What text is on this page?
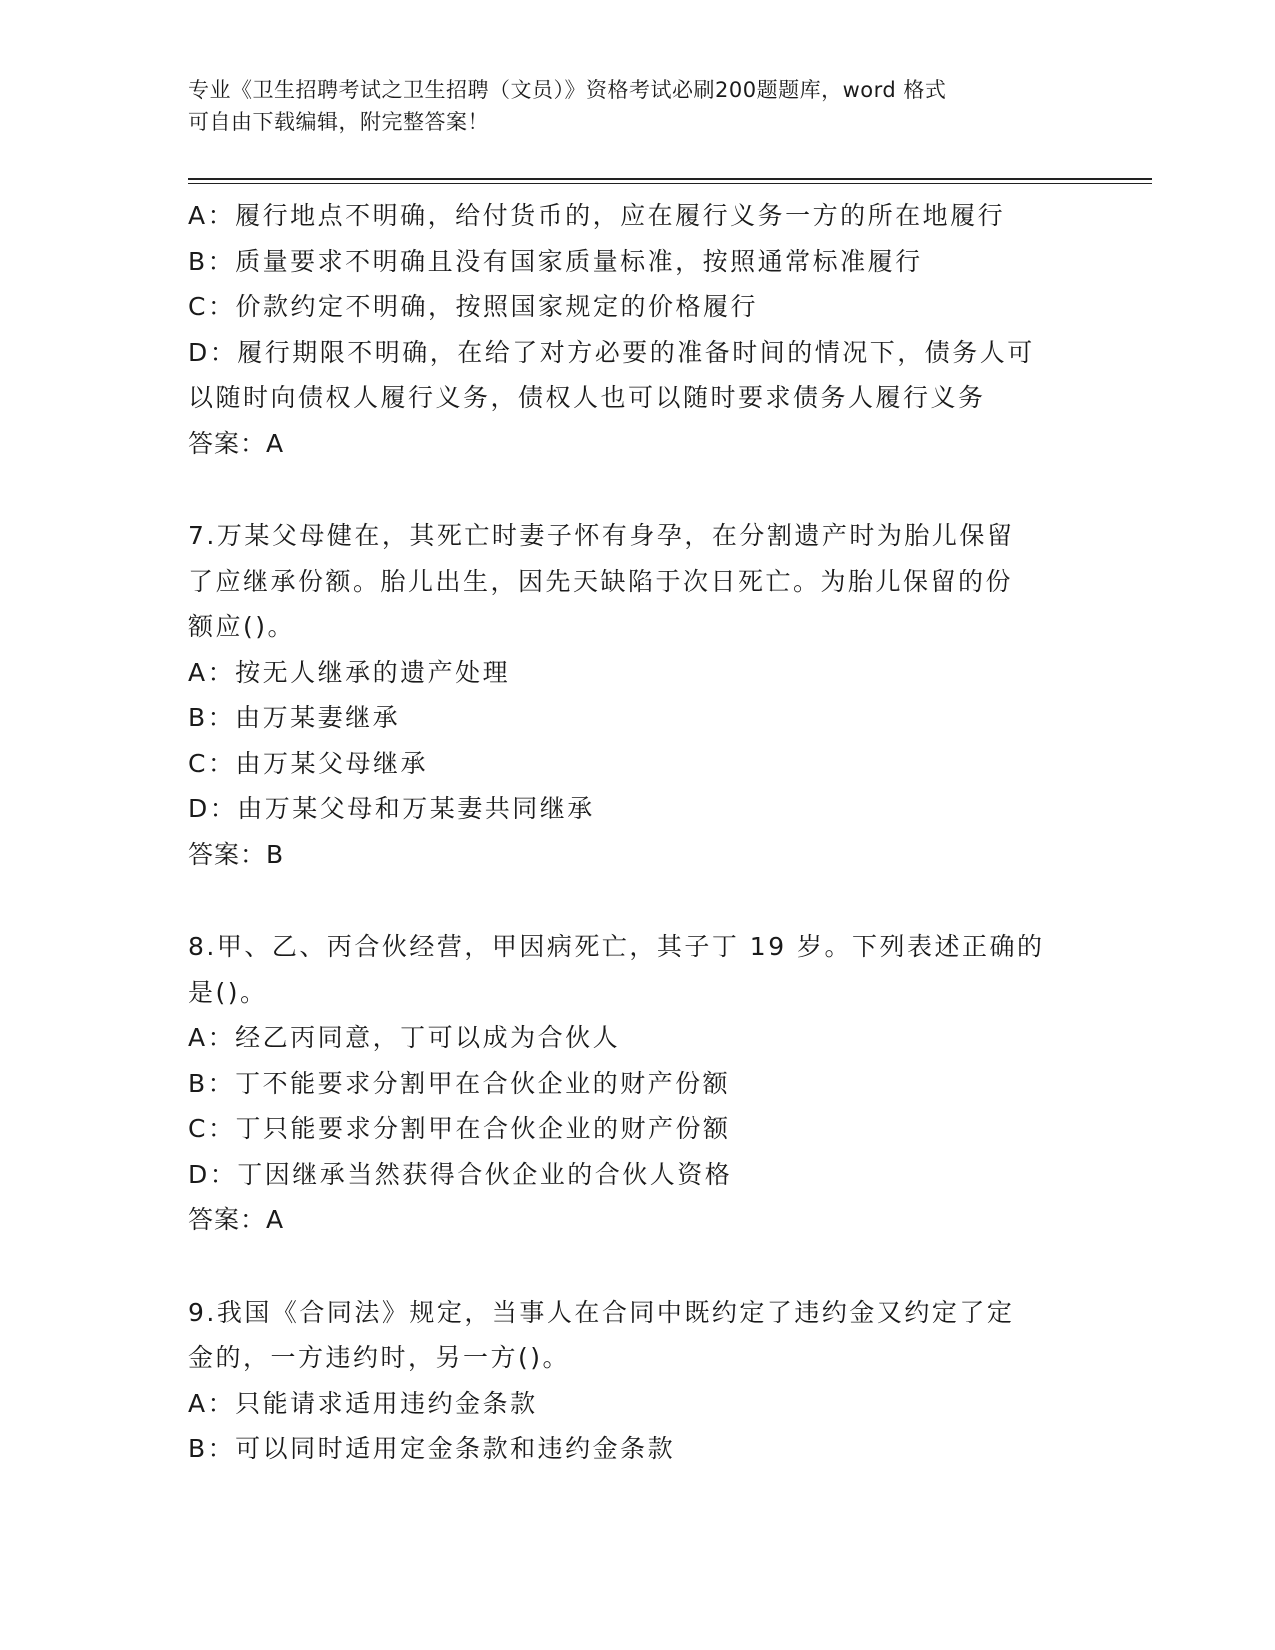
专业《卫生招聘考试之卫生招聘（文员）》资格考试必刷200题题库，word 格式
可自由下载编辑，附完整答案！
A：履行地点不明确，给付货币的，应在履行义务一方的所在地履行
B：质量要求不明确且没有国家质量标准，按照通常标准履行
C：价款约定不明确，按照国家规定的价格履行
D：履行期限不明确，在给了对方必要的准备时间的情况下，债务人可
以随时向债权人履行义务，债权人也可以随时要求债务人履行义务
答案：A
7.万某父母健在，其死亡时妻子怀有身孕，在分割遗产时为胎儿保留
了应继承份额。胎儿出生，因先天缺陷于次日死亡。为胎儿保留的份
额应()。
A：按无人继承的遗产处理
B：由万某妻继承
C：由万某父母继承
D：由万某父母和万某妻共同继承
答案：B
8.甲、乙、丙合伙经营，甲因病死亡，其子丁 19 岁。下列表述正确的
是()。
A：经乙丙同意，丁可以成为合伙人
B：丁不能要求分割甲在合伙企业的财产份额
C：丁只能要求分割甲在合伙企业的财产份额
D：丁因继承当然获得合伙企业的合伙人资格
答案：A
9.我国《合同法》规定，当事人在合同中既约定了违约金又约定了定
金的，一方违约时，另一方()。
A：只能请求适用违约金条款
B：可以同时适用定金条款和违约金条款
